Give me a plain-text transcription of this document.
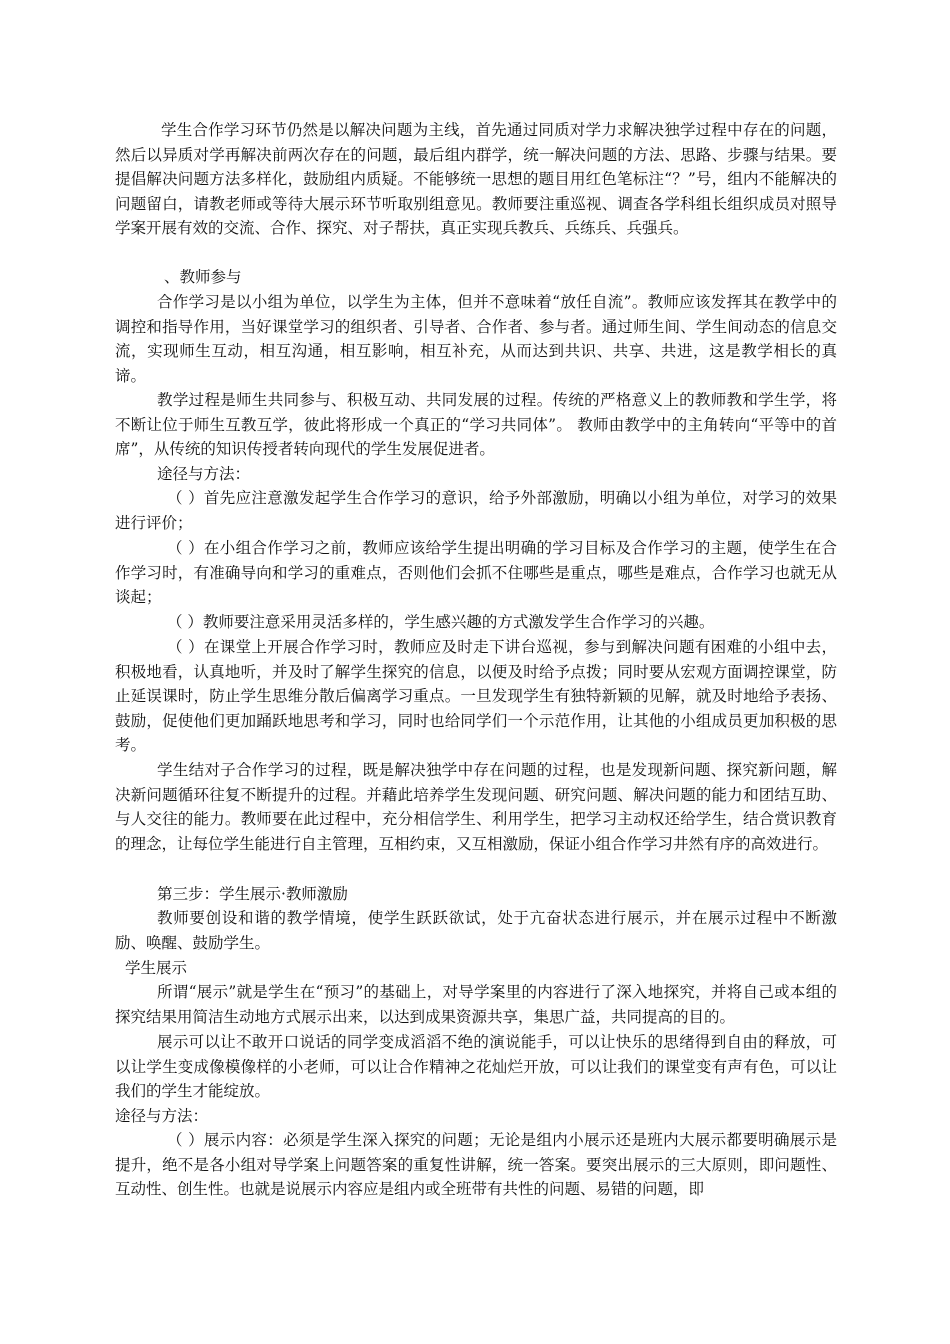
学生合作学习环节仍然是以解决问题为主线，首先通过同质对学力求解决独学过程中存在的问题，然后以异质对学再解决前两次存在的问题，最后组内群学，统一解决问题的方法、思路、步骤与结果。要提倡解决问题方法多样化，鼓励组内质疑。不能够统一思想的题目用红色笔标注“？”号，组内不能解决的问题留白，请教老师或等待大展示环节听取别组意见。教师要注重巡视、调查各学科组长组织成员对照导学案开展有效的交流、合作、探究、对子帮扶，真正实现兵教兵、兵练兵、兵强兵。

、教师参与

合作学习是以小组为单位，以学生为主体，但并不意味着“放任自流”。教师应该发挥其在教学中的调控和指导作用，当好课堂学习的组织者、引导者、合作者、参与者。通过师生间、学生间动态的信息交流，实现师生互动，相互沟通，相互影响，相互补充，从而达到共识、共享、共进，这是教学相长的真谛。

教学过程是师生共同参与、积极互动、共同发展的过程。传统的严格意义上的教师教和学生学，将不断让位于师生互教互学，彼此将形成一个真正的“学习共同体”。 教师由教学中的主角转向“平等中的首席”，从传统的知识传授者转向现代的学生发展促进者。

途径与方法：

（ ）首先应注意激发起学生合作学习的意识，给予外部激励，明确以小组为单位，对学习的效果进行评价；

（ ）在小组合作学习之前，教师应该给学生提出明确的学习目标及合作学习的主题，使学生在合作学习时，有准确导向和学习的重难点，否则他们会抓不住哪些是重点，哪些是难点，合作学习也就无从谈起；

（ ）教师要注意采用灵活多样的，学生感兴趣的方式激发学生合作学习的兴趣。

（ ）在课堂上开展合作学习时，教师应及时走下讲台巡视，参与到解决问题有困难的小组中去，积极地看，认真地听，并及时了解学生探究的信息，以便及时给予点拨；同时要从宏观方面调控课堂，防止延误课时，防止学生思维分散后偏离学习重点。一旦发现学生有独特新颖的见解，就及时地给予表扬、鼓励，促使他们更加踊跃地思考和学习，同时也给同学们一个示范作用，让其他的小组成员更加积极的思考。

学生结对子合作学习的过程，既是解决独学中存在问题的过程，也是发现新问题、探究新问题，解决新问题循环往复不断提升的过程。并藉此培养学生发现问题、研究问题、解决问题的能力和团结互助、与人交往的能力。教师要在此过程中，充分相信学生、利用学生，把学习主动权还给学生，结合赏识教育的理念，让每位学生能进行自主管理，互相约束，又互相激励，保证小组合作学习井然有序的高效进行。

第三步：学生展示·教师激励

教师要创设和谐的教学情境，使学生跃跃欲试，处于亢奋状态进行展示，并在展示过程中不断激励、唤醒、鼓励学生。

学生展示

所谓“展示”就是学生在“预习”的基础上，对导学案里的内容进行了深入地探究，并将自己或本组的探究结果用简洁生动地方式展示出来，以达到成果资源共享，集思广益，共同提高的目的。

展示可以让不敢开口说话的同学变成滔滔不绝的演说能手，可以让快乐的思绪得到自由的释放，可以让学生变成像模像样的小老师，可以让合作精神之花灿烂开放，可以让我们的课堂变有声有色，可以让我们的学生才能绽放。

途径与方法：

（ ）展示内容：必须是学生深入探究的问题；无论是组内小展示还是班内大展示都要明确展示是提升，绝不是各小组对导学案上问题答案的重复性讲解，统一答案。要突出展示的三大原则，即问题性、互动性、创生性。也就是说展示内容应是组内或全班带有共性的问题、易错的问题，即
